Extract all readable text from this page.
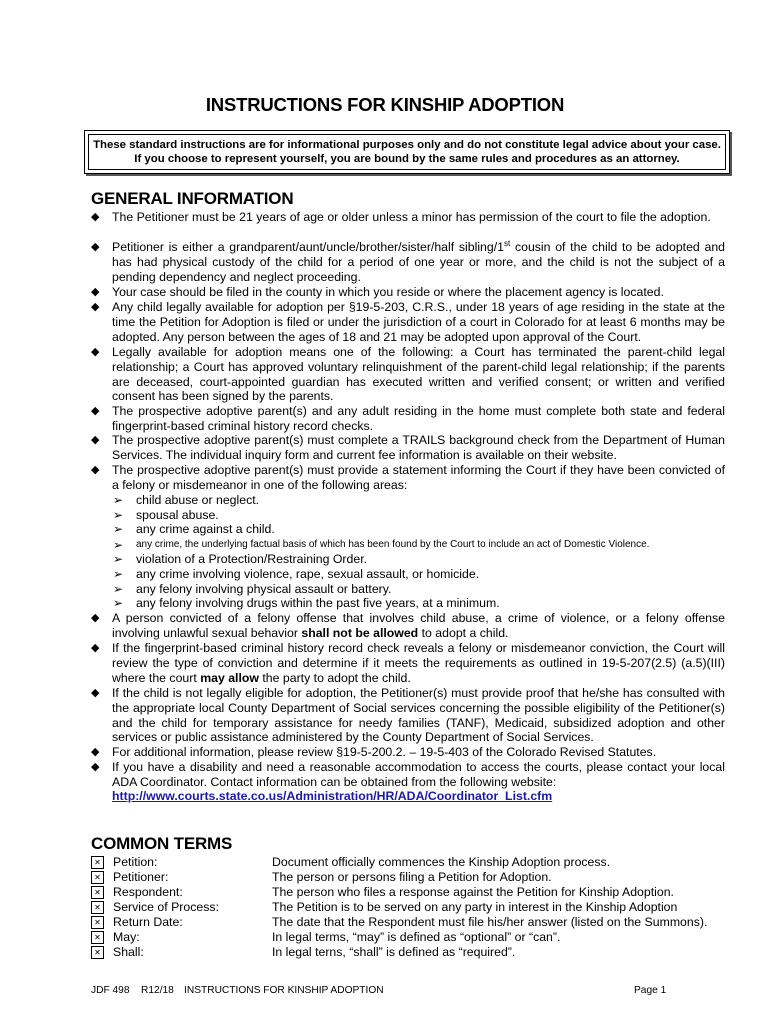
INSTRUCTIONS FOR KINSHIP ADOPTION
These standard instructions are for informational purposes only and do not constitute legal advice about your case.
If you choose to represent yourself, you are bound by the same rules and procedures as an attorney.
GENERAL INFORMATION
◆ The Petitioner must be 21 years of age or older unless a minor has permission of the court to file the adoption.
◆ Petitioner is either a grandparent/aunt/uncle/brother/sister/half sibling/1st cousin of the child to be adopted and has had physical custody of the child for a period of one year or more, and the child is not the subject of a pending dependency and neglect proceeding.
◆ Your case should be filed in the county in which you reside or where the placement agency is located.
◆ Any child legally available for adoption per §19-5-203, C.R.S., under 18 years of age residing in the state at the time the Petition for Adoption is filed or under the jurisdiction of a court in Colorado for at least 6 months may be adopted. Any person between the ages of 18 and 21 may be adopted upon approval of the Court.
◆ Legally available for adoption means one of the following: a Court has terminated the parent-child legal relationship; a Court has approved voluntary relinquishment of the parent-child legal relationship; if the parents are deceased, court-appointed guardian has executed written and verified consent; or written and verified consent has been signed by the parents.
◆ The prospective adoptive parent(s) and any adult residing in the home must complete both state and federal fingerprint-based criminal history record checks.
◆ The prospective adoptive parent(s) must complete a TRAILS background check from the Department of Human Services. The individual inquiry form and current fee information is available on their website.
◆ The prospective adoptive parent(s) must provide a statement informing the Court if they have been convicted of a felony or misdemeanor in one of the following areas:
➢ child abuse or neglect.
➢ spousal abuse.
➢ any crime against a child.
➢ any crime, the underlying factual basis of which has been found by the Court to include an act of Domestic Violence.
➢ violation of a Protection/Restraining Order.
➢ any crime involving violence, rape, sexual assault, or homicide.
➢ any felony involving physical assault or battery.
➢ any felony involving drugs within the past five years, at a minimum.
◆ A person convicted of a felony offense that involves child abuse, a crime of violence, or a felony offense involving unlawful sexual behavior shall not be allowed to adopt a child.
◆ If the fingerprint-based criminal history record check reveals a felony or misdemeanor conviction, the Court will review the type of conviction and determine if it meets the requirements as outlined in 19-5-207(2.5) (a.5)(III) where the court may allow the party to adopt the child.
◆ If the child is not legally eligible for adoption, the Petitioner(s) must provide proof that he/she has consulted with the appropriate local County Department of Social services concerning the possible eligibility of the Petitioner(s) and the child for temporary assistance for needy families (TANF), Medicaid, subsidized adoption and other services or public assistance administered by the County Department of Social Services.
◆ For additional information, please review §19-5-200.2. – 19-5-403 of the Colorado Revised Statutes.
◆ If you have a disability and need a reasonable accommodation to access the courts, please contact your local ADA Coordinator. Contact information can be obtained from the following website:
http://www.courts.state.co.us/Administration/HR/ADA/Coordinator_List.cfm
COMMON TERMS
✕ Petition:	Document officially commences the Kinship Adoption process.
✕ Petitioner:	The person or persons filing a Petition for Adoption.
✕ Respondent:	The person who files a response against the Petition for Kinship Adoption.
✕ Service of Process:	The Petition is to be served on any party in interest in the Kinship Adoption
✕ Return Date:	The date that the Respondent must file his/her answer (listed on the Summons).
✕ May:	In legal terms, “may” is defined as “optional” or “can”.
✕ Shall:	In legal terns, “shall” is defined as “required”.
JDF 498 R12/18 INSTRUCTIONS FOR KINSHIP ADOPTION	Page 1
